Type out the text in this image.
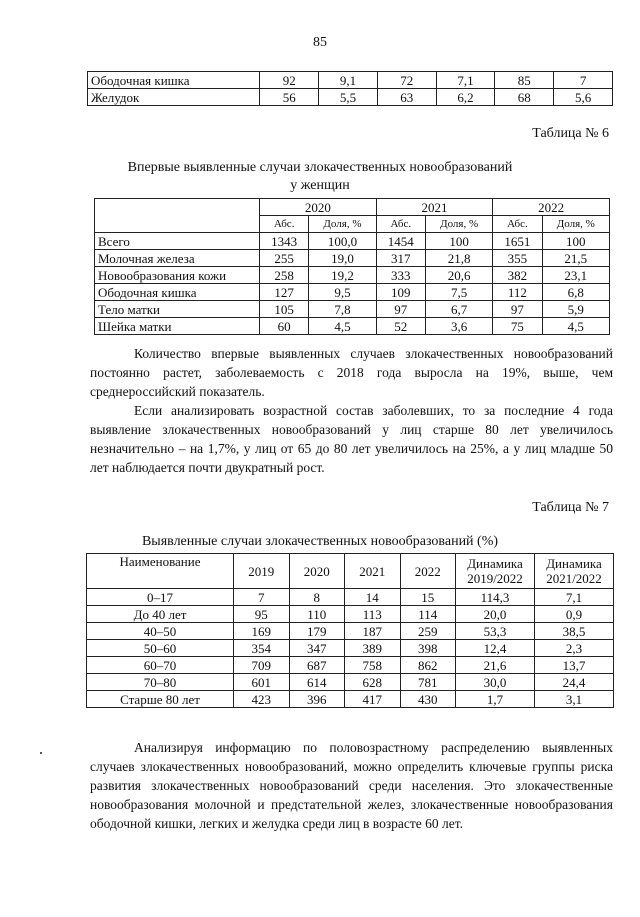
85
Ободочная кишка	92	9,1	72	7,1	85	7
Желудок	56	5,5	63	6,2	68	5,6
Таблица № 6
Впервые выявленные случаи злокачественных новообразований
у женщин
	2020		2021		2022	
	Абс.	Доля, %	Абс.	Доля, %	Абс.	Доля, %
Всего	1343	100,0	1454	100	1651	100
Молочная железа	255	19,0	317	21,8	355	21,5
Новообразования кожи	258	19,2	333	20,6	382	23,1
Ободочная кишка	127	9,5	109	7,5	112	6,8
Тело матки	105	7,8	97	6,7	97	5,9
Шейка матки	60	4,5	52	3,6	75	4,5

Количество впервые выявленных случаев злокачественных новообразований постоянно растет, заболеваемость с 2018 года выросла на 19%, выше, чем среднероссийский показатель.

Если анализировать возрастной состав заболевших, то за последние 4 года выявление злокачественных новообразований у лиц старше 80 лет увеличилось незначительно – на 1,7%, у лиц от 65 до 80 лет увеличилось на 25%, а у лиц младше 50 лет наблюдается почти двукратный рост.

Таблица № 7
Выявленные случаи злокачественных новообразований (%)
Наименование	2019	2020	2021	2022	Динамика 2019/2022	Динамика 2021/2022
0–17	7	8	14	15	114,3	7,1
До 40 лет	95	110	113	114	20,0	0,9
40–50	169	179	187	259	53,3	38,5
50–60	354	347	389	398	12,4	2,3
60–70	709	687	758	862	21,6	13,7
70–80	601	614	628	781	30,0	24,4
Старше 80 лет	423	396	417	430	1,7	3,1

Анализируя информацию по половозрастному распределению выявленных случаев злокачественных новообразований, можно определить ключевые группы риска развития злокачественных новообразований среди населения. Это злокачественные новообразования молочной и предстательной желез, злокачественные новообразования ободочной кишки, легких и желудка среди лиц в возрасте 60 лет.
